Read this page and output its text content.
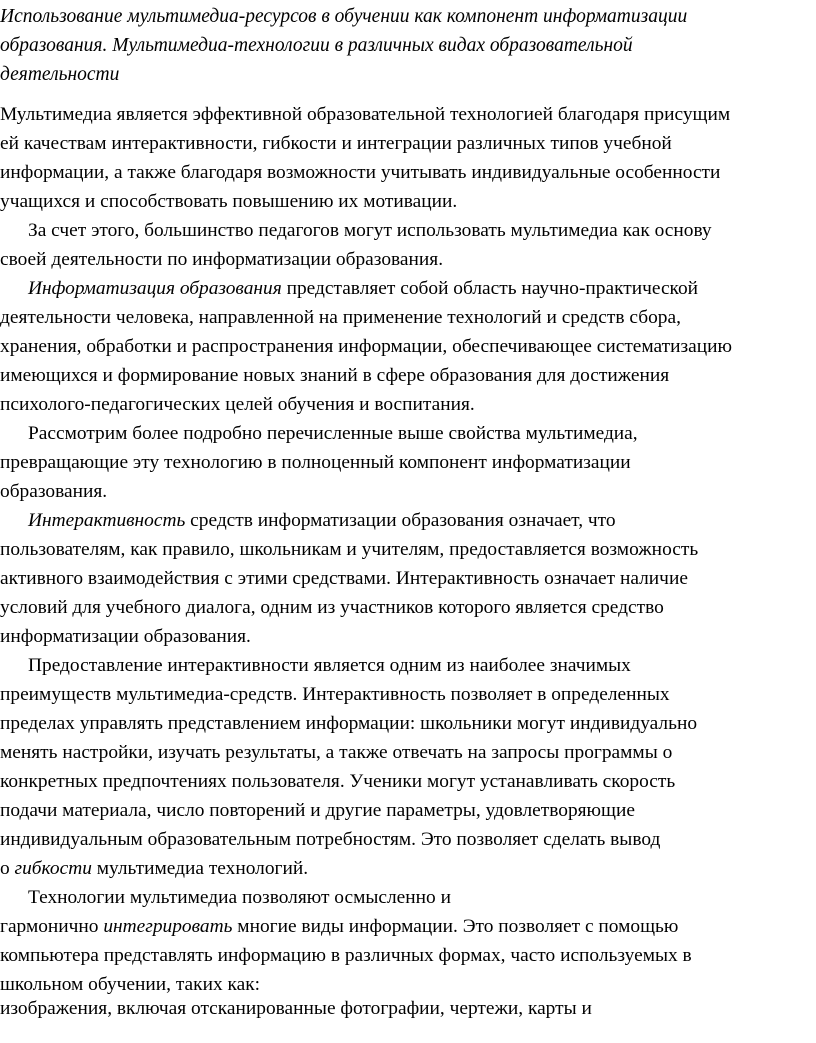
Использование мультимедиа-ресурсов в обучении как компонент информатизации
образования. Мультимедиа-технологии в различных видах образовательной
деятельности

Мультимедиа является эффективной образовательной технологией благодаря присущим
ей качествам интерактивности, гибкости и интеграции различных типов учебной
информации, а также благодаря возможности учитывать индивидуальные особенности
учащихся и способствовать повышению их мотивации.

За счет этого, большинство педагогов могут использовать мультимедиа как основу
своей деятельности по информатизации образования.

Информатизация образования представляет собой область научно-практической
деятельности человека, направленной на применение технологий и средств сбора,
хранения, обработки и распространения информации, обеспечивающее систематизацию
имеющихся и формирование новых знаний в сфере образования для достижения
психолого-педагогических целей обучения и воспитания.

Рассмотрим более подробно перечисленные выше свойства мультимедиа,
превращающие эту технологию в полноценный компонент информатизации
образования.

Интерактивность средств информатизации образования означает, что
пользователям, как правило, школьникам и учителям, предоставляется возможность
активного взаимодействия с этими средствами. Интерактивность означает наличие
условий для учебного диалога, одним из участников которого является средство
информатизации образования.

Предоставление интерактивности является одним из наиболее значимых
преимуществ мультимедиа-средств. Интерактивность позволяет в определенных
пределах управлять представлением информации: школьники могут индивидуально
менять настройки, изучать результаты, а также отвечать на запросы программы о
конкретных предпочтениях пользователя. Ученики могут устанавливать скорость
подачи материала, число повторений и другие параметры, удовлетворяющие
индивидуальным образовательным потребностям. Это позволяет сделать вывод
о гибкости мультимедиа технологий.

Технологии мультимедиа позволяют осмысленно и
гармонично интегрировать многие виды информации. Это позволяет с помощью
компьютера представлять информацию в различных формах, часто используемых в
школьном обучении, таких как:

изображения, включая отсканированные фотографии, чертежи, карты и
